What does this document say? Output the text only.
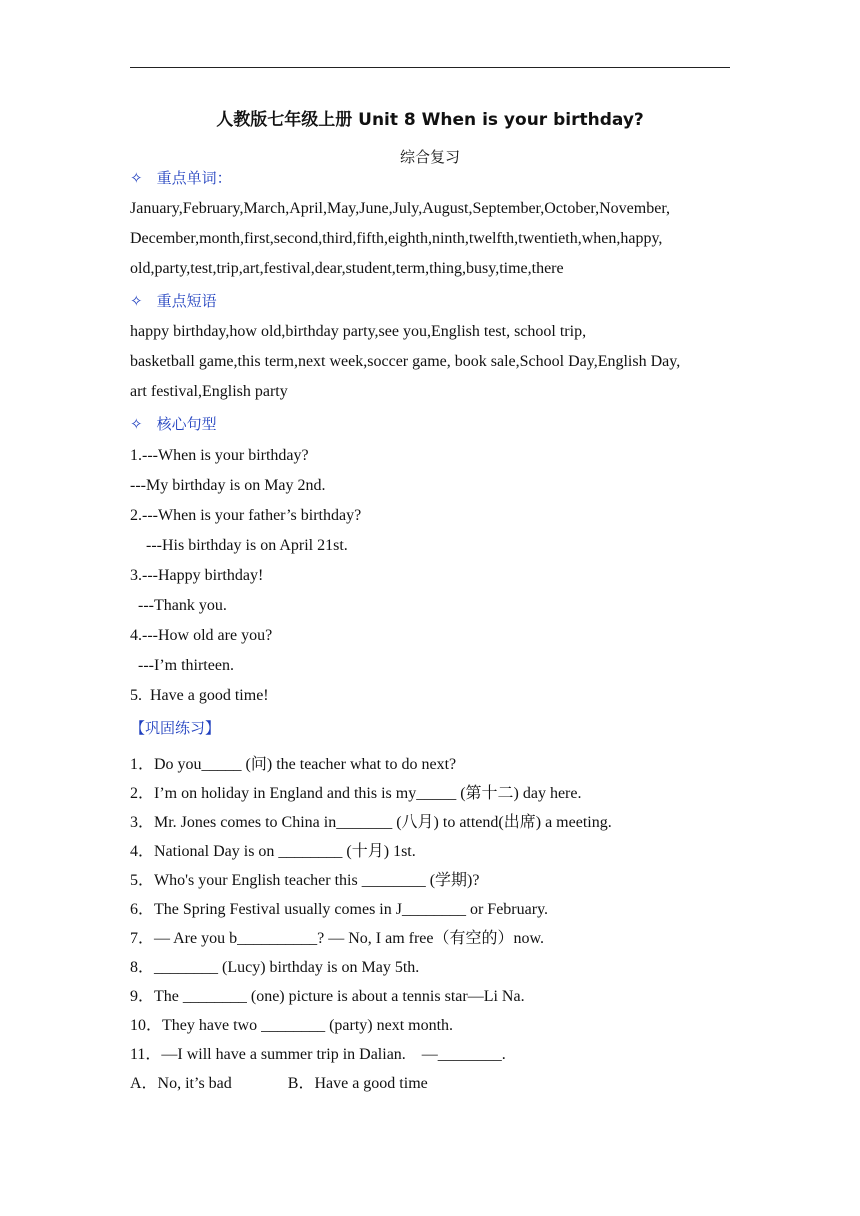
人教版七年级上册 Unit 8 When is your birthday?
综合复习
✧ 重点单词：
January,February,March,April,May,June,July,August,September,October,November,
December,month,first,second,third,fifth,eighth,ninth,twelfth,twentieth,when,happy,
old,party,test,trip,art,festival,dear,student,term,thing,busy,time,there
✧ 重点短语
happy birthday,how old,birthday party,see you,English test, school trip,
basketball game,this term,next week,soccer game, book sale,School Day,English Day,
art festival,English party
✧ 核心句型
1.---When is your birthday?
---My birthday is on May 2nd.
2.---When is your father’s birthday?
---His birthday is on April 21st.
3.---Happy birthday!
---Thank you.
4.---How old are you?
---I’m thirteen.
5.  Have a good time!
【巩固练习】
1．Do you_____ (问) the teacher what to do next?
2．I’m on holiday in England and this is my_____ (第十二) day here.
3．Mr. Jones comes to China in_______ (八月) to attend(出席) a meeting.
4．National Day is on ________ (十月) 1st.
5．Who's your English teacher this ________ (学期)?
6．The Spring Festival usually comes in J________ or February.
7．— Are you b__________? — No, I am free（有空的）now.
8．________ (Lucy) birthday is on May 5th.
9．The ________ (one) picture is about a tennis star—Li Na.
10．They have two ________ (party) next month.
11．—I will have a summer trip in Dalian.    —________.
A．No, it’s bad              B．Have a good time
